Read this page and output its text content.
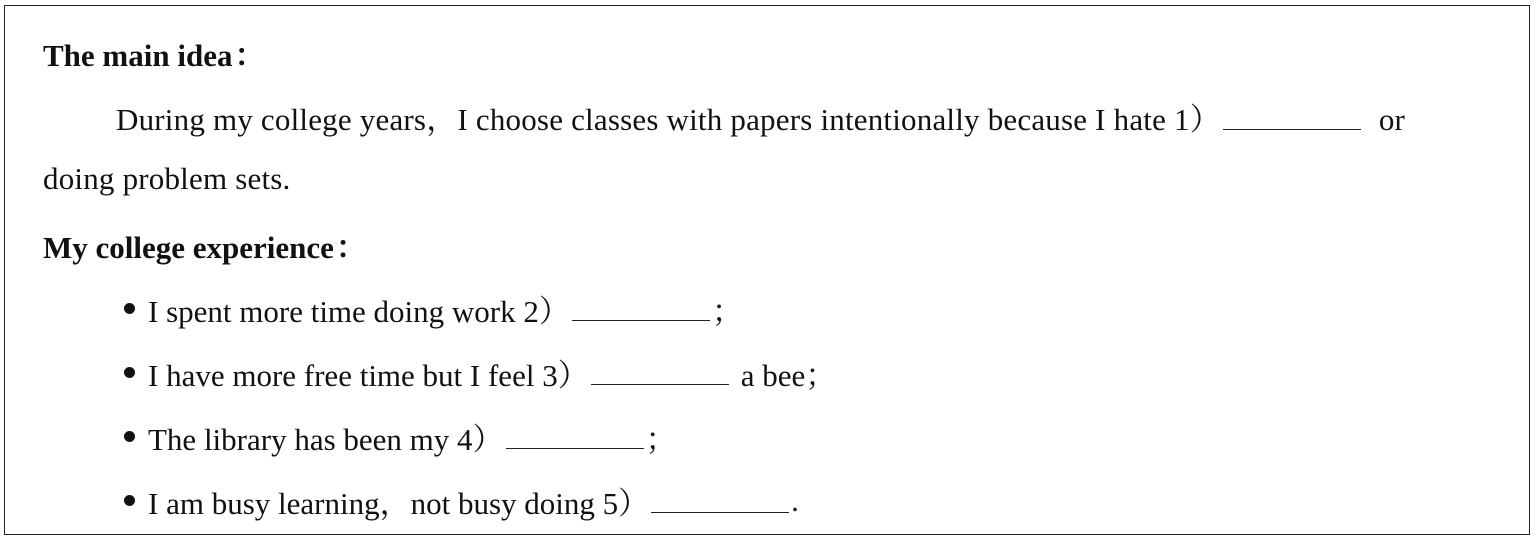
The main idea：
During my college years，I choose classes with papers intentionally because I hate 1）	or
doing problem sets.
My college experience：
I spent more time doing work 2）	；
I have more free time but I feel 3）	a bee；
The library has been my 4）	；
I am busy learning，not busy doing 5）	.
